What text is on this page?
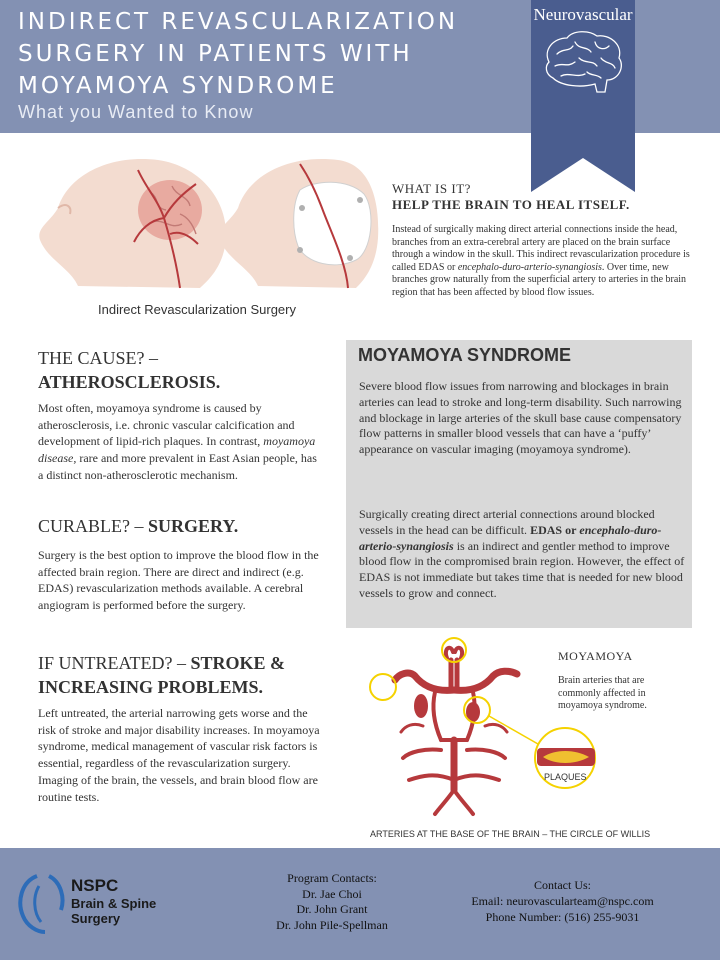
INDIRECT REVASCULARIZATION
SURGERY IN PATIENTS WITH
MOYAMOYA SYNDROME
What you Wanted to Know
Neurovascular
Indirect Revascularization Surgery
WHAT IS IT?
HELP THE BRAIN TO HEAL ITSELF.

Instead of surgically making direct arterial connections inside the head, branches from an extra-cerebral artery are placed on the brain surface through a window in the skull. This indirect revascularization procedure is called EDAS or encephalo-duro-arterio-synangiosis. Over time, new branches grow naturally from the superficial artery to arteries in the brain region that has been affected by blood flow issues.

THE CAUSE? –
ATHEROSCLEROSIS.

Most often, moyamoya syndrome is caused by atherosclerosis, i.e. chronic vascular calcification and development of lipid-rich plaques. In contrast, moyamoya disease, rare and more prevalent in East Asian people, has a distinct non-atherosclerotic mechanism.

CURABLE? – SURGERY.

Surgery is the best option to improve the blood flow in the affected brain region. There are direct and indirect (e.g. EDAS) revascularization methods available. A cerebral angiogram is performed before the surgery.

IF UNTREATED? – STROKE &
INCREASING PROBLEMS.

Left untreated, the arterial narrowing gets worse and the risk of stroke and major disability increases. In moyamoya syndrome, medical management of vascular risk factors is essential, regardless of the revascularization surgery. Imaging of the brain, the vessels, and brain blood flow are routine tests.

MOYAMOYA SYNDROME

Severe blood flow issues from narrowing and blockages in brain arteries can lead to stroke and long-term disability. Such narrowing and blockage in large arteries of the skull base cause compensatory flow patterns in smaller blood vessels that can have a ‘puffy’ appearance on vascular imaging (moyamoya syndrome).

Surgically creating direct arterial connections around blocked vessels in the head can be difficult. EDAS or encephalo-duro-arterio-synangiosis is an indirect and gentler method to improve blood flow in the compromised brain region. However, the effect of EDAS is not immediate but takes time that is needed for new blood vessels to grow and connect.

MOYAMOYA

Brain arteries that are commonly affected in moyamoya syndrome.

PLAQUES
ARTERIES AT THE BASE OF THE BRAIN – THE CIRCLE OF WILLIS
NSPC
Brain & Spine
Surgery
Program Contacts:
Dr. Jae Choi
Dr. John Grant
Dr. John Pile-Spellman
Contact Us:
Email: neurovascularteam@nspc.com
Phone Number: (516) 255-9031
